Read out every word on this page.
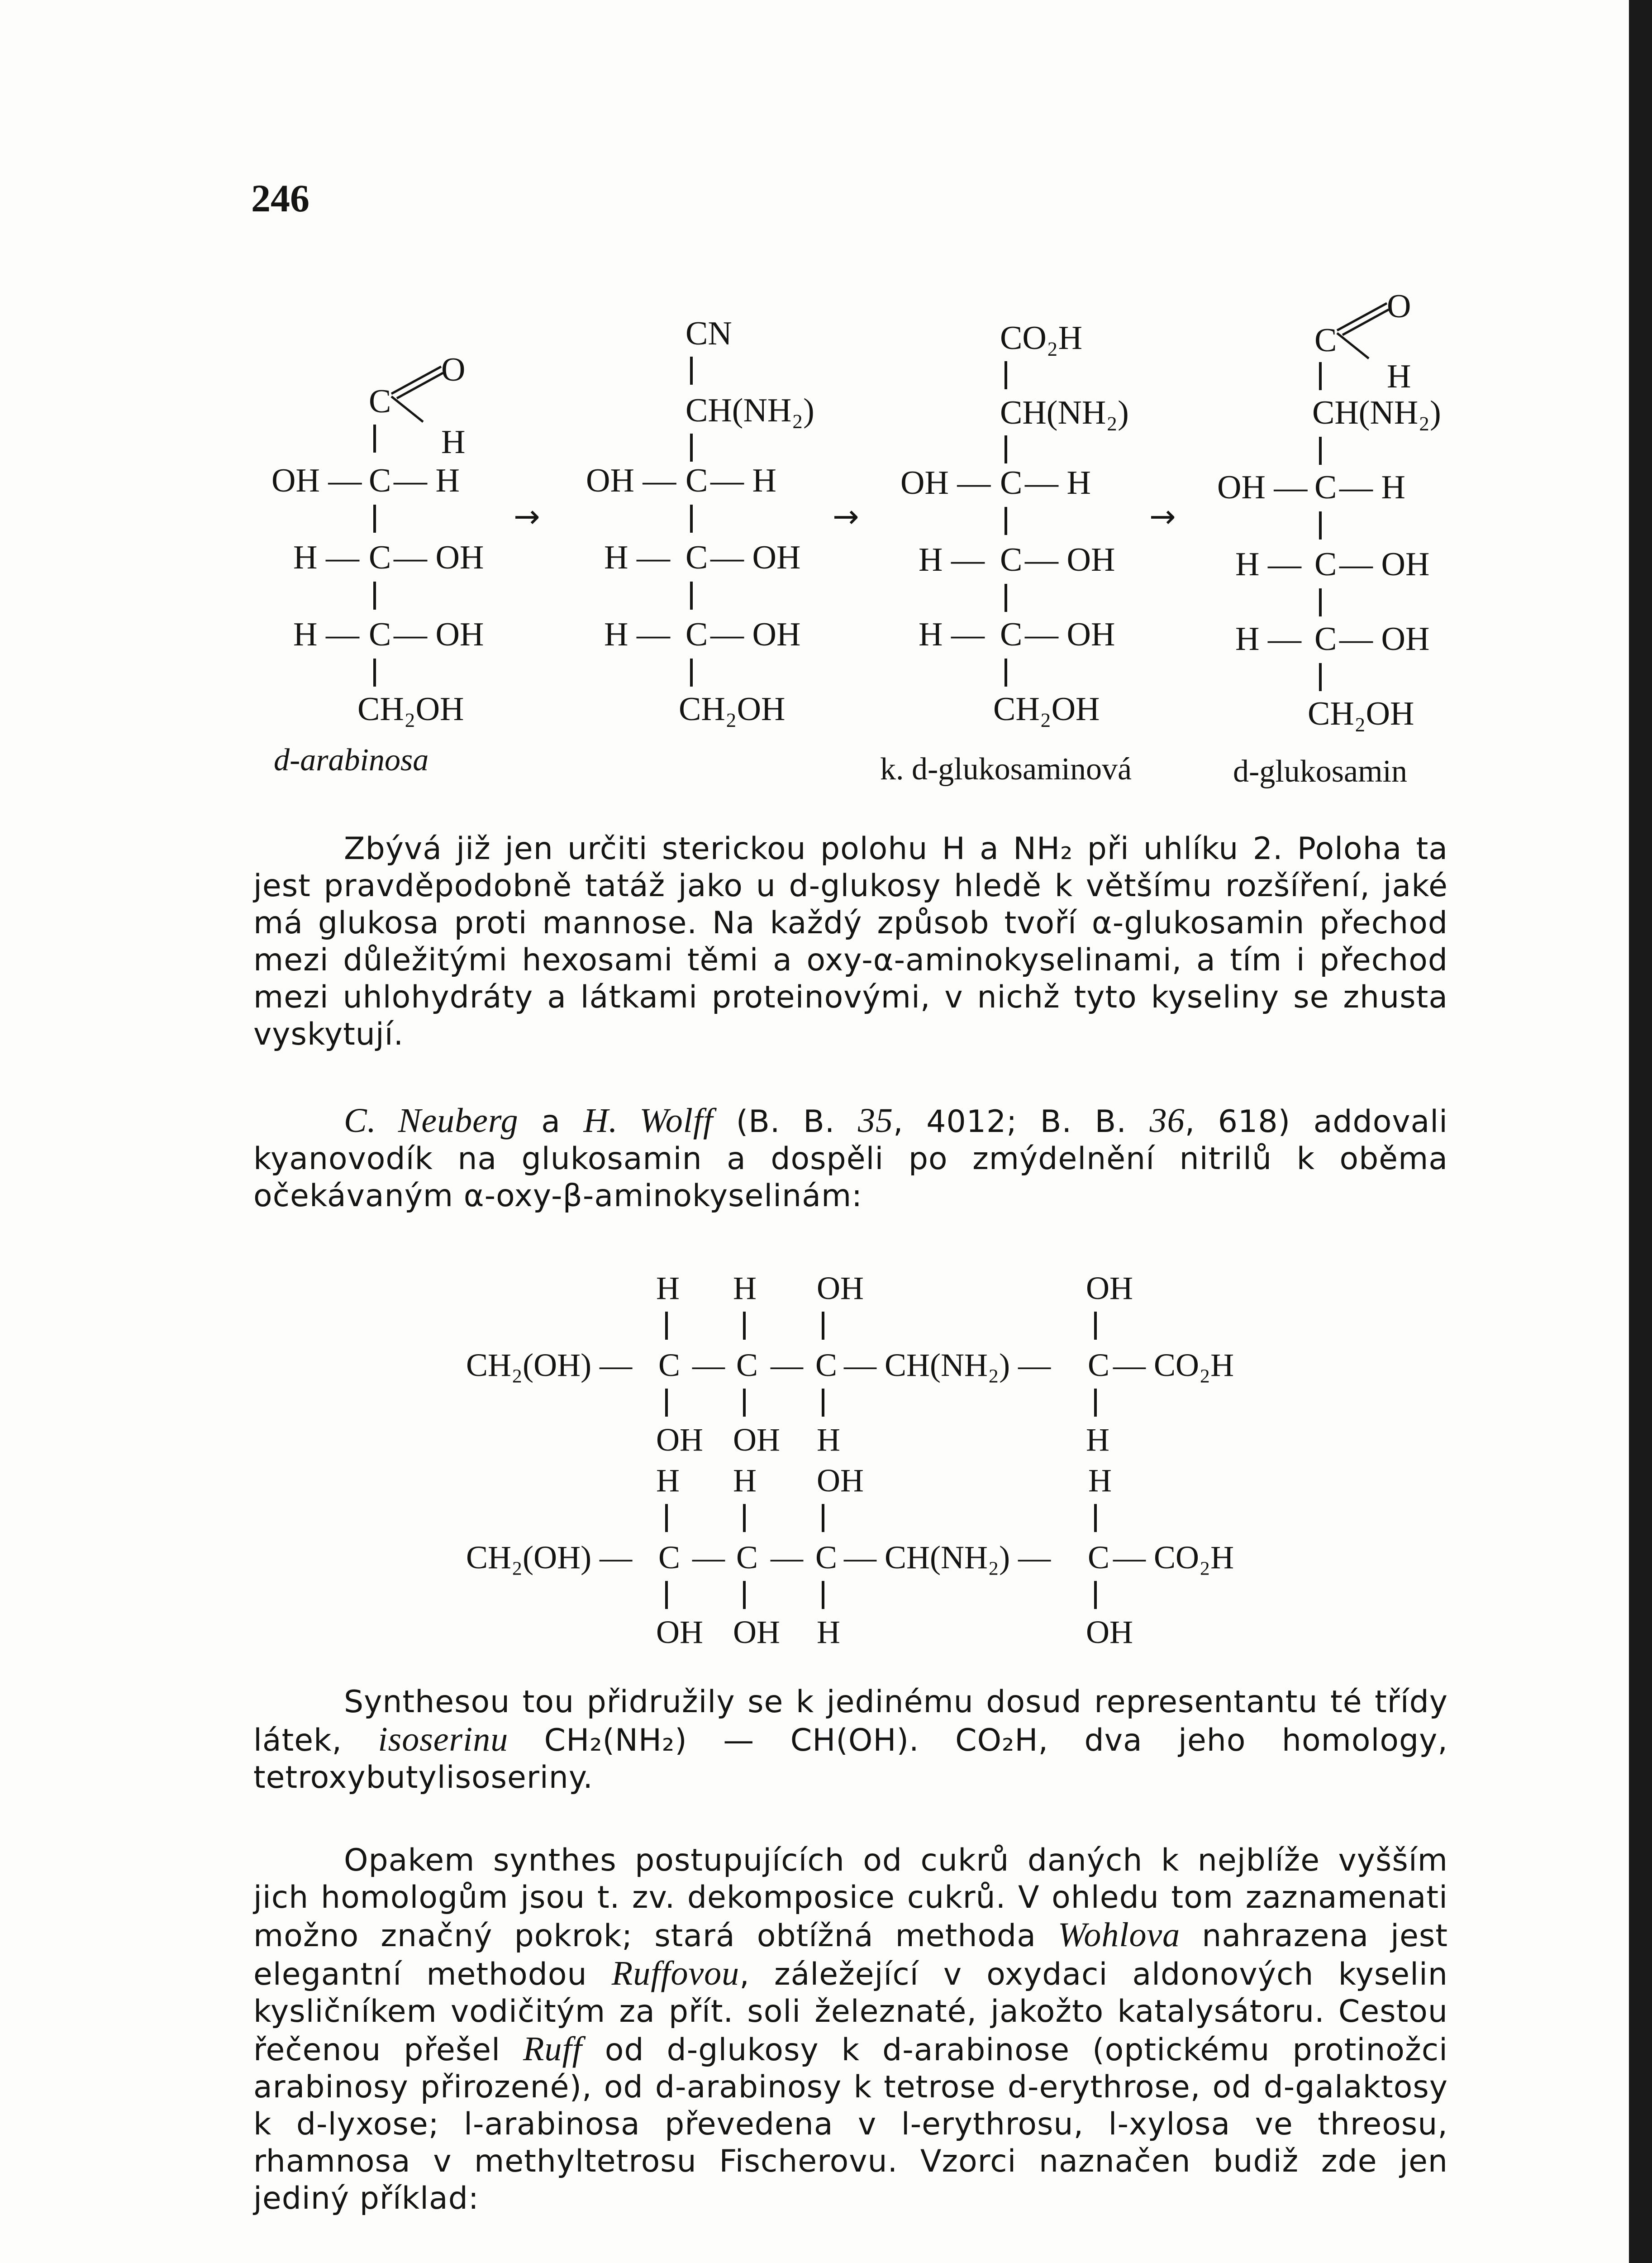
246
C
O
H
OH — C — H
H — C — OH
H — C — OH
CH₂OH
d-arabinosa
→
CN
CH(NH₂)
OH — C — H
H — C — OH
H — C — OH
CH₂OH
→
CO₂H
CH(NH₂)
OH — C — H
H — C — OH
H — C — OH
CH₂OH
k. d-glukosaminová
→
C
O
H
CH(NH₂)
OH — C — H
H — C — OH
H — C — OH
CH₂OH
d-glukosamin

Zbývá již jen určiti sterickou polohu H a NH₂ při uhlíku 2. Poloha ta jest pravděpodobně tatáž jako u d-glukosy hledě k většímu rozšíření, jaké má glukosa proti mannose. Na každý způsob tvoří α-glukosamin přechod mezi důležitými hexosami těmi a oxy-α-aminokyselinami, a tím i přechod mezi uhlohydráty a látkami proteinovými, v nichž tyto kyseliny se zhusta vyskytují.

C. Neuberg a H. Wolff (B. B. 35, 4012; B. B. 36, 618) addovali kyanovodík na glukosamin a dospěli po zmýdelnění nitrilů k oběma očekávaným α-oxy-β-aminokyselinám:

H H OH	OH
CH₂(OH) — C — C — C — CH(NH₂) — C — CO₂H
OH OH H	H
H H OH	H
CH₂(OH) — C — C — C — CH(NH₂) — C — CO₂H
OH OH H	OH

Synthesou tou přidružily se k jedinému dosud representantu té třídy látek, isoserinu CH₂(NH₂) — CH(OH). CO₂H, dva jeho homology, tetroxybutylisoseriny.

Opakem synthes postupujících od cukrů daných k nejblíže vyšším jich homologům jsou t. zv. dekomposice cukrů. V ohledu tom zaznamenati možno značný pokrok; stará obtížná methoda Wohlova nahrazena jest elegantní methodou Ruffovou, záležející v oxydaci aldonových kyselin kysličníkem vodičitým za přít. soli železnaté, jakožto katalysátoru. Cestou řečenou přešel Ruff od d-glukosy k d-arabinose (optickému protinožci arabinosy přirozené), od d-arabinosy k tetrose d-erythrose, od d-galaktosy k d-lyxose; l-arabinosa převedena v l-erythrosu, l-xylosa ve threosu, rhamnosa v methyltetrosu Fischerovu. Vzorci naznačen budiž zde jen jediný příklad:
